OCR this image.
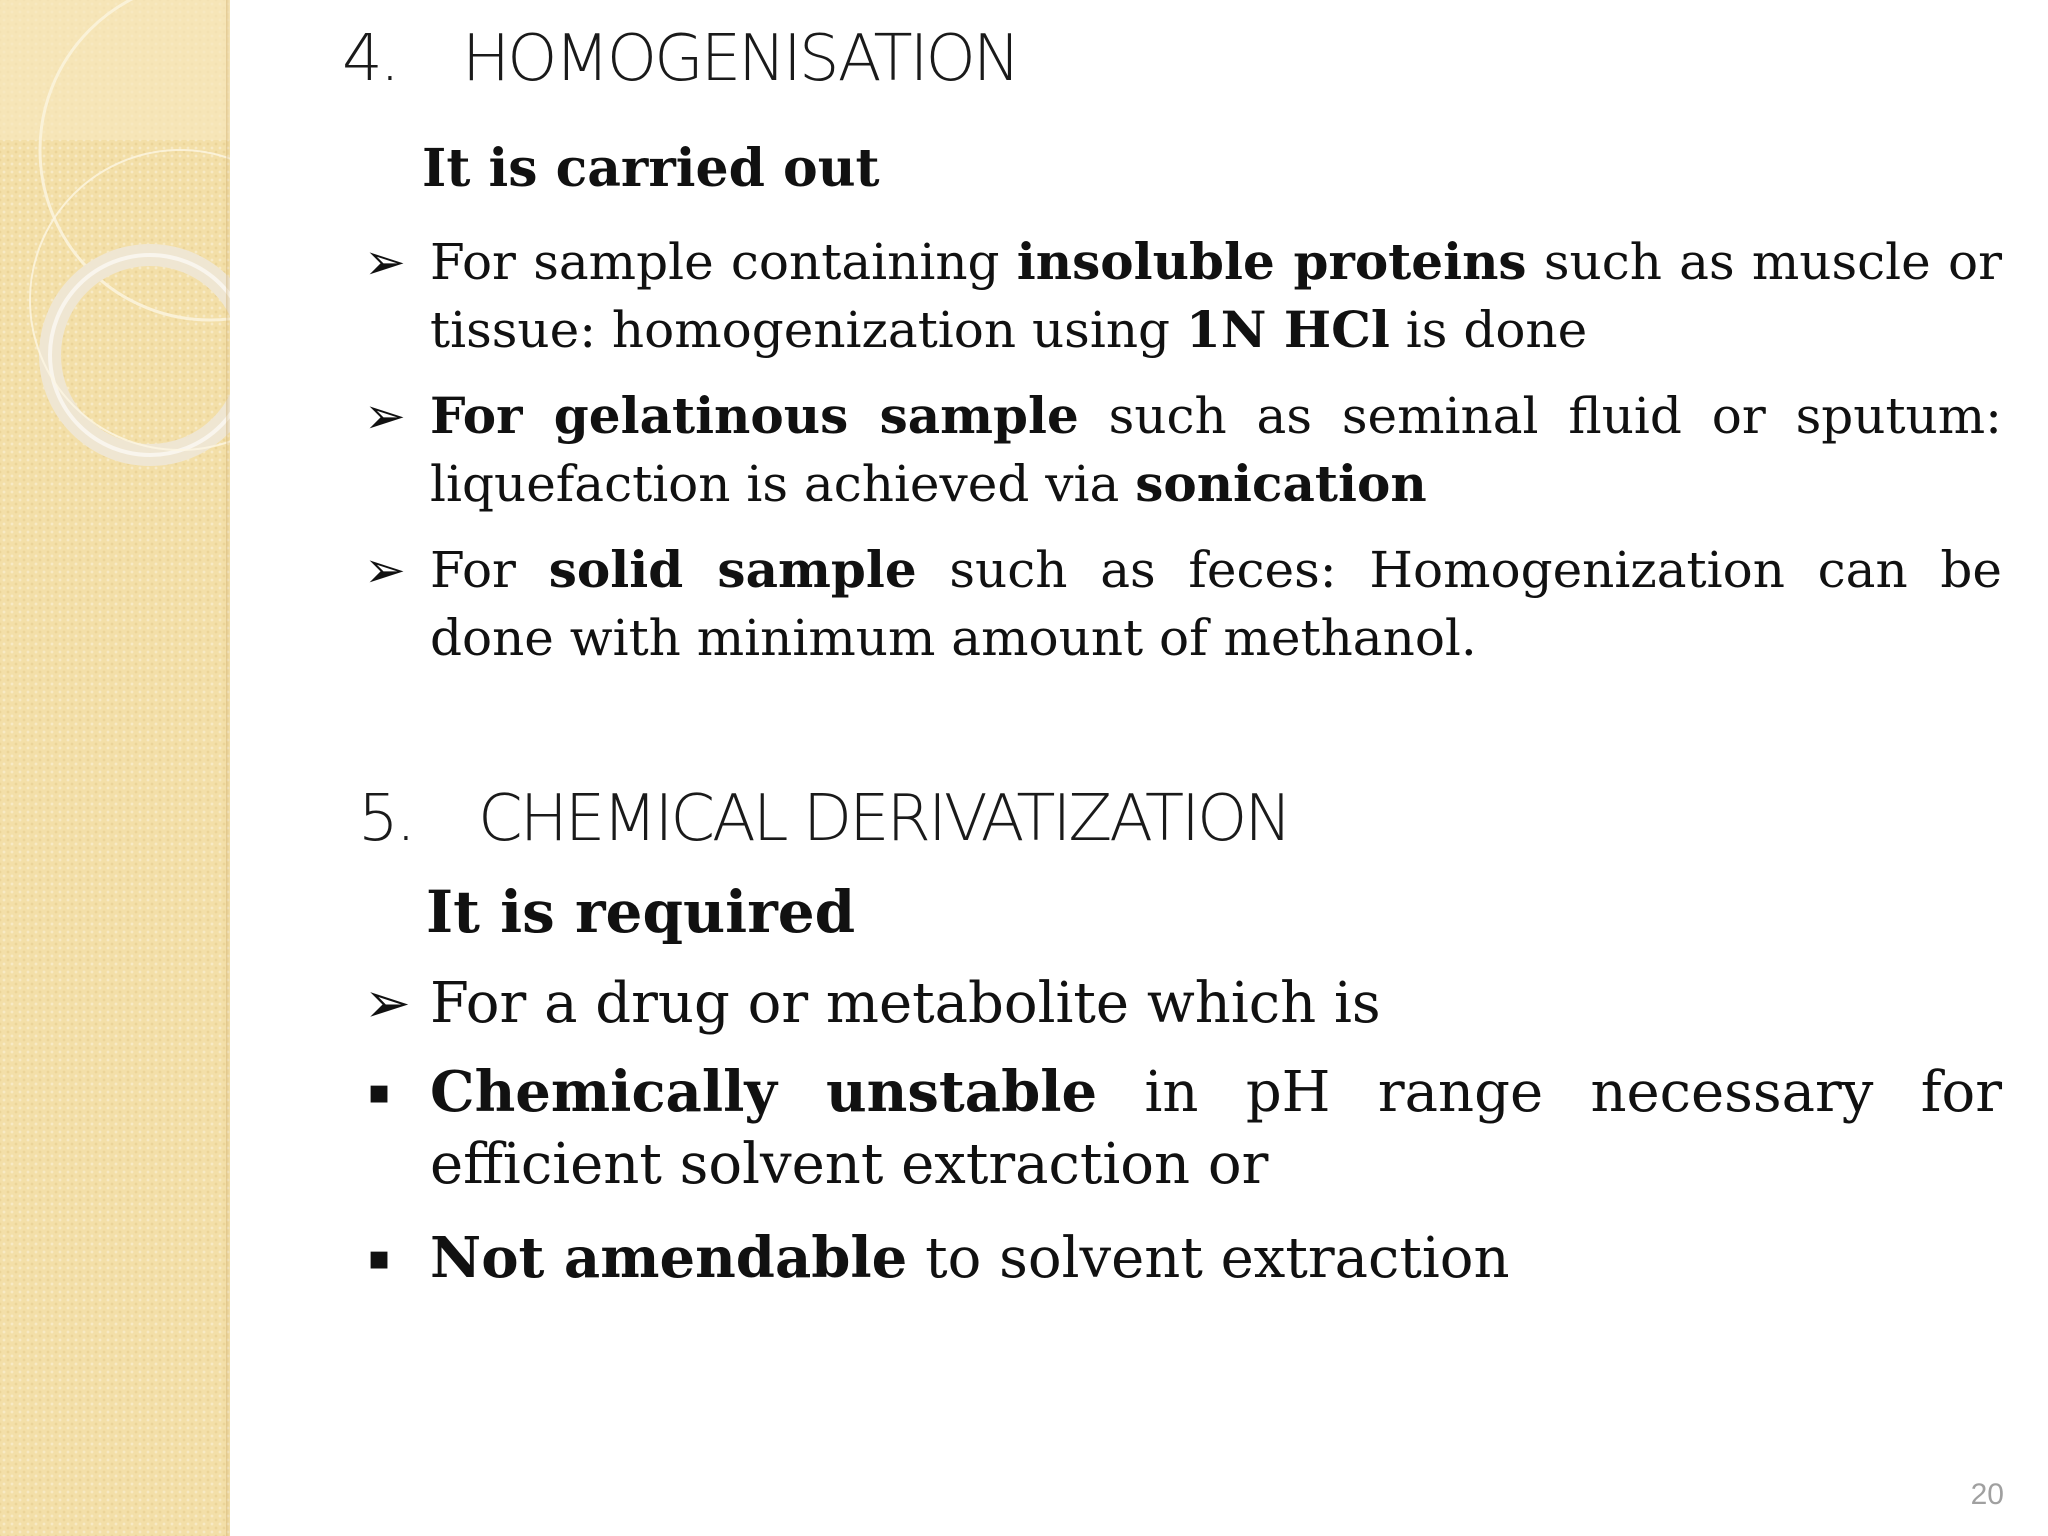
4. HOMOGENISATION
It is carried out
➢ For sample containing insoluble proteins such as muscle or tissue: homogenization using 1N HCl is done
➢ For gelatinous sample such as seminal fluid or sputum: liquefaction is achieved via sonication
➢ For solid sample such as feces: Homogenization can be done with minimum amount of methanol.
5. CHEMICAL DERIVATIZATION
It is required
➢ For a drug or metabolite which is
▪ Chemically unstable in pH range necessary for efficient solvent extraction or
▪ Not amendable to solvent extraction
20
